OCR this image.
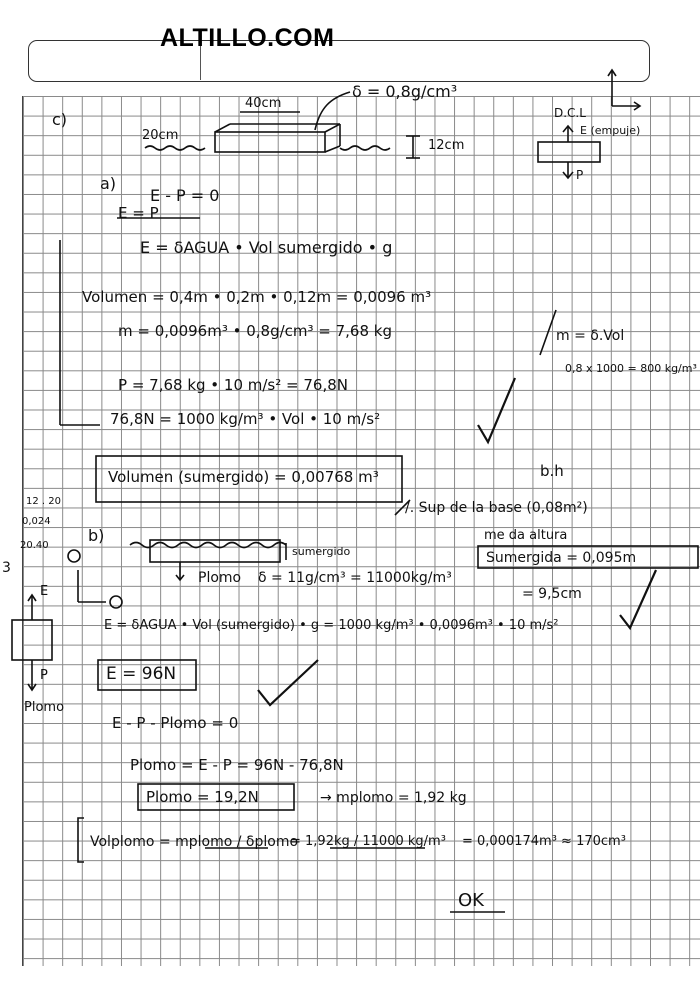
ALTILLO.COM
c)
40cm
20cm
12cm
δ = 0,8g/cm³
D.C.L
E (empuje)
P
a)
E - P = 0
E = P
E = δAGUA • Vol sumergido • g
Volumen = 0,4m • 0,2m • 0,12m = 0,0096 m³
m = 0,0096m³ • 0,8g/cm³ = 7,68 kg	m = δ.Vol
0,8 x 1000 = 800 kg/m³
P = 7,68 kg • 10 m/s² = 76,8N
76,8N = 1000 kg/m³ • Vol • 10 m/s²
Volumen (sumergido) = 0,00768 m³	b.h
/. Sup de la base (0,08m²)
me da altura
Sumergida = 0,095m
= 9,5cm
12 . 20
0,024
20.40
3
b)
sumergido
Plomo δ = 11g/cm³ = 11000kg/m³
E = δAGUA • Vol (sumergido) • g = 1000 kg/m³ • 0,0096m³ • 10 m/s²
E = 96N
E
P
Plomo
E - P - Plomo = 0
Plomo = E - P = 96N - 76,8N
Plomo = 19,2N	→ mplomo = 1,92 kg
Volplomo = mplomo / δplomo
= 1,92kg / 11000 kg/m³ = 0,000174m³ ≈ 170cm³
OK
